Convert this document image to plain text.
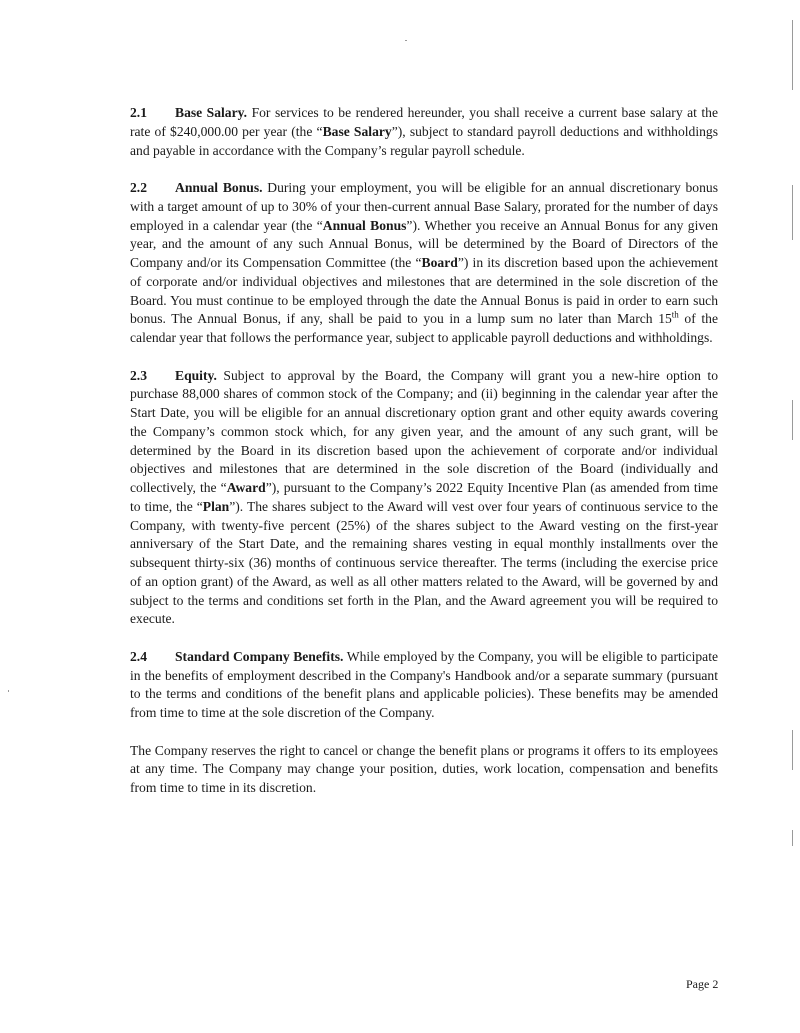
2.1 Base Salary. For services to be rendered hereunder, you shall receive a current base salary at the rate of $240,000.00 per year (the “Base Salary”), subject to standard payroll deductions and withholdings and payable in accordance with the Company’s regular payroll schedule.

2.2 Annual Bonus. During your employment, you will be eligible for an annual discretionary bonus with a target amount of up to 30% of your then-current annual Base Salary, prorated for the number of days employed in a calendar year (the “Annual Bonus”). Whether you receive an Annual Bonus for any given year, and the amount of any such Annual Bonus, will be determined by the Board of Directors of the Company and/or its Compensation Committee (the “Board”) in its discretion based upon the achievement of corporate and/or individual objectives and milestones that are determined in the sole discretion of the Board. You must continue to be employed through the date the Annual Bonus is paid in order to earn such bonus. The Annual Bonus, if any, shall be paid to you in a lump sum no later than March 15th of the calendar year that follows the performance year, subject to applicable payroll deductions and withholdings.

2.3 Equity. Subject to approval by the Board, the Company will grant you a new-hire option to purchase 88,000 shares of common stock of the Company; and (ii) beginning in the calendar year after the Start Date, you will be eligible for an annual discretionary option grant and other equity awards covering the Company’s common stock which, for any given year, and the amount of any such grant, will be determined by the Board in its discretion based upon the achievement of corporate and/or individual objectives and milestones that are determined in the sole discretion of the Board (individually and collectively, the “Award”), pursuant to the Company’s 2022 Equity Incentive Plan (as amended from time to time, the “Plan”). The shares subject to the Award will vest over four years of continuous service to the Company, with twenty-five percent (25%) of the shares subject to the Award vesting on the first-year anniversary of the Start Date, and the remaining shares vesting in equal monthly installments over the subsequent thirty-six (36) months of continuous service thereafter. The terms (including the exercise price of an option grant) of the Award, as well as all other matters related to the Award, will be governed by and subject to the terms and conditions set forth in the Plan, and the Award agreement you will be required to execute.

2.4 Standard Company Benefits. While employed by the Company, you will be eligible to participate in the benefits of employment described in the Company's Handbook and/or a separate summary (pursuant to the terms and conditions of the benefit plans and applicable policies). These benefits may be amended from time to time at the sole discretion of the Company.

The Company reserves the right to cancel or change the benefit plans or programs it offers to its employees at any time. The Company may change your position, duties, work location, compensation and benefits from time to time in its discretion.

Page 2
